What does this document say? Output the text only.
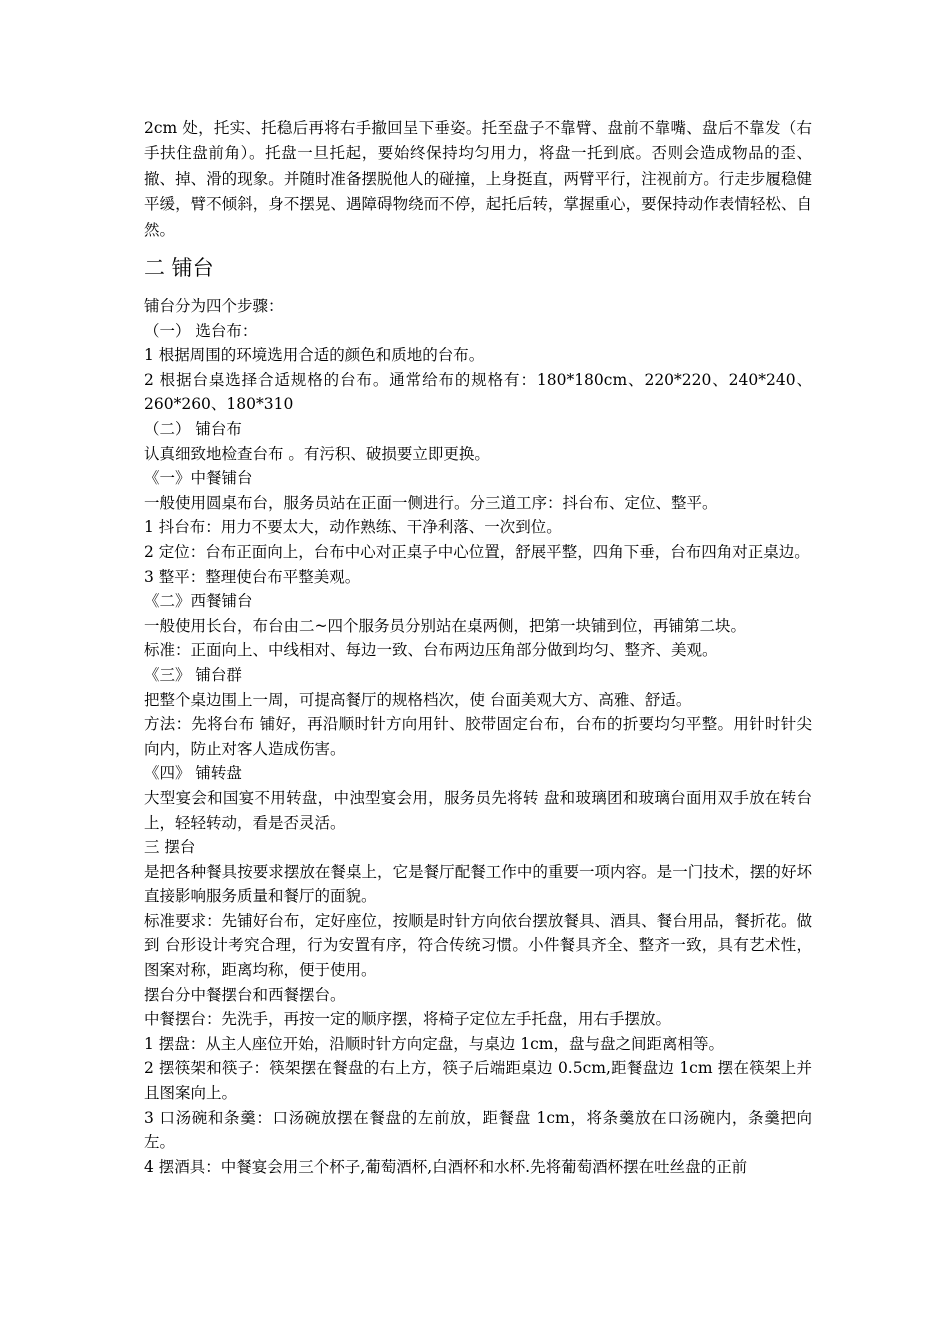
2cm 处，托实、托稳后再将右手撤回呈下垂姿。托至盘子不靠臂、盘前不靠嘴、盘后不靠发（右手扶住盘前角）。托盘一旦托起，要始终保持均匀用力，将盘一托到底。否则会造成物品的歪、撤、掉、滑的现象。并随时准备摆脱他人的碰撞，上身挺直，两臂平行，注视前方。行走步履稳健平缓，臂不倾斜，身不摆晃、遇障碍物绕而不停，起托后转，掌握重心，要保持动作表情轻松、自然。

二 铺台

铺台分为四个步骤：

（一） 选台布：

1 根据周围的环境选用合适的颜色和质地的台布。

2 根据台桌选择合适规格的台布。通常给布的规格有：180*180cm、220*220、240*240、260*260、180*310

（二） 铺台布

认真细致地检查台布 。有污积、破损要立即更换。

《一》中餐铺台

一般使用圆桌布台，服务员站在正面一侧进行。分三道工序：抖台布、定位、整平。

1 抖台布：用力不要太大，动作熟练、干净利落、一次到位。

2 定位：台布正面向上，台布中心对正桌子中心位置，舒展平整，四角下垂，台布四角对正桌边。

3 整平：整理使台布平整美观。

《二》西餐铺台

一般使用长台，布台由二~四个服务员分别站在桌两侧，把第一块铺到位，再铺第二块。

标准：正面向上、中线相对、每边一致、台布两边压角部分做到均匀、整齐、美观。

《三》 铺台群

把整个桌边围上一周，可提高餐厅的规格档次，使 台面美观大方、高雅、舒适。

方法：先将台布 铺好，再沿顺时针方向用针、胶带固定台布，台布的折要均匀平整。用针时针尖向内，防止对客人造成伤害。

《四》 铺转盘

大型宴会和国宴不用转盘，中浊型宴会用，服务员先将转 盘和玻璃团和玻璃台面用双手放在转台上，轻轻转动，看是否灵活。

三 摆台

是把各种餐具按要求摆放在餐桌上，它是餐厅配餐工作中的重要一项内容。是一门技术，摆的好坏直接影响服务质量和餐厅的面貌。

标准要求：先铺好台布，定好座位，按顺是时针方向依台摆放餐具、酒具、餐台用品，餐折花。做到 台形设计考究合理，行为安置有序，符合传统习惯。小件餐具齐全、整齐一致，具有艺术性，图案对称，距离均称，便于使用。

摆台分中餐摆台和西餐摆台。

中餐摆台：先洗手，再按一定的顺序摆，将椅子定位左手托盘，用右手摆放。

1 摆盘：从主人座位开始，沿顺时针方向定盘，与桌边 1cm，盘与盘之间距离相等。

2 摆筷架和筷子：筷架摆在餐盘的右上方，筷子后端距桌边 0.5cm,距餐盘边 1cm 摆在筷架上并且图案向上。

3 口汤碗和条羹：口汤碗放摆在餐盘的左前放，距餐盘 1cm，将条羹放在口汤碗内，条羹把向左。

4 摆酒具：中餐宴会用三个杯子,葡萄酒杯,白酒杯和水杯.先将葡萄酒杯摆在吐丝盘的正前
